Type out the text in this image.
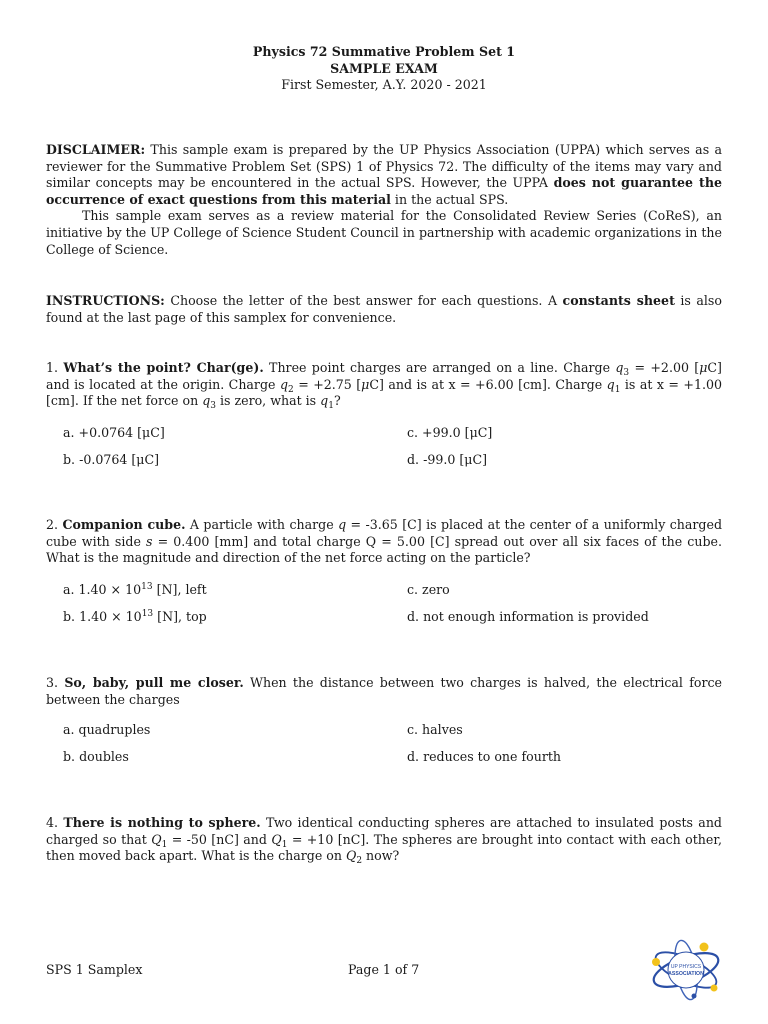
Physics 72 Summative Problem Set 1
SAMPLE EXAM
First Semester, A.Y. 2020 - 2021
DISCLAIMER: This sample exam is prepared by the UP Physics Association (UPPA) which serves as a reviewer for the Summative Problem Set (SPS) 1 of Physics 72. The difficulty of the items may vary and similar concepts may be encountered in the actual SPS. However, the UPPA does not guarantee the occurrence of exact questions from this material in the actual SPS.
This sample exam serves as a review material for the Consolidated Review Series (CoReS), an initiative by the UP College of Science Student Council in partnership with academic organizations in the College of Science.
INSTRUCTIONS: Choose the letter of the best answer for each questions. A constants sheet is also found at the last page of this samplex for convenience.
1. What’s the point? Char(ge). Three point charges are arranged on a line. Charge $q_3 = +2.00$ [μC] and is located at the origin. Charge $q_2 = +2.75$ [μC] and is at x = +6.00 [cm]. Charge $q_1$ is at x = +1.00 [cm]. If the net force on $q_3$ is zero, what is $q_1$?
a. +0.0764 [μC]
b. -0.0764 [μC]
c. +99.0 [μC]
d. -99.0 [μC]
2. Companion cube. A particle with charge q = -3.65 [C] is placed at the center of a uniformly charged cube with side s = 0.400 [mm] and total charge Q = 5.00 [C] spread out over all six faces of the cube. What is the magnitude and direction of the net force acting on the particle?
a. $1.40 \times 10^{13}$ [N], left
b. $1.40 \times 10^{13}$ [N], top
c. zero
d. not enough information is provided
3. So, baby, pull me closer. When the distance between two charges is halved, the electrical force between the charges
a. quadruples
b. doubles
c. halves
d. reduces to one fourth
4. There is nothing to sphere. Two identical conducting spheres are attached to insulated posts and charged so that $Q_1 = -50$ [nC] and $Q_1 = +10$ [nC]. The spheres are brought into contact with each other, then moved back apart. What is the charge on $Q_2$ now?
SPS 1 Samplex	Page 1 of 7	UP PHYSICS
ASSOCIATION
